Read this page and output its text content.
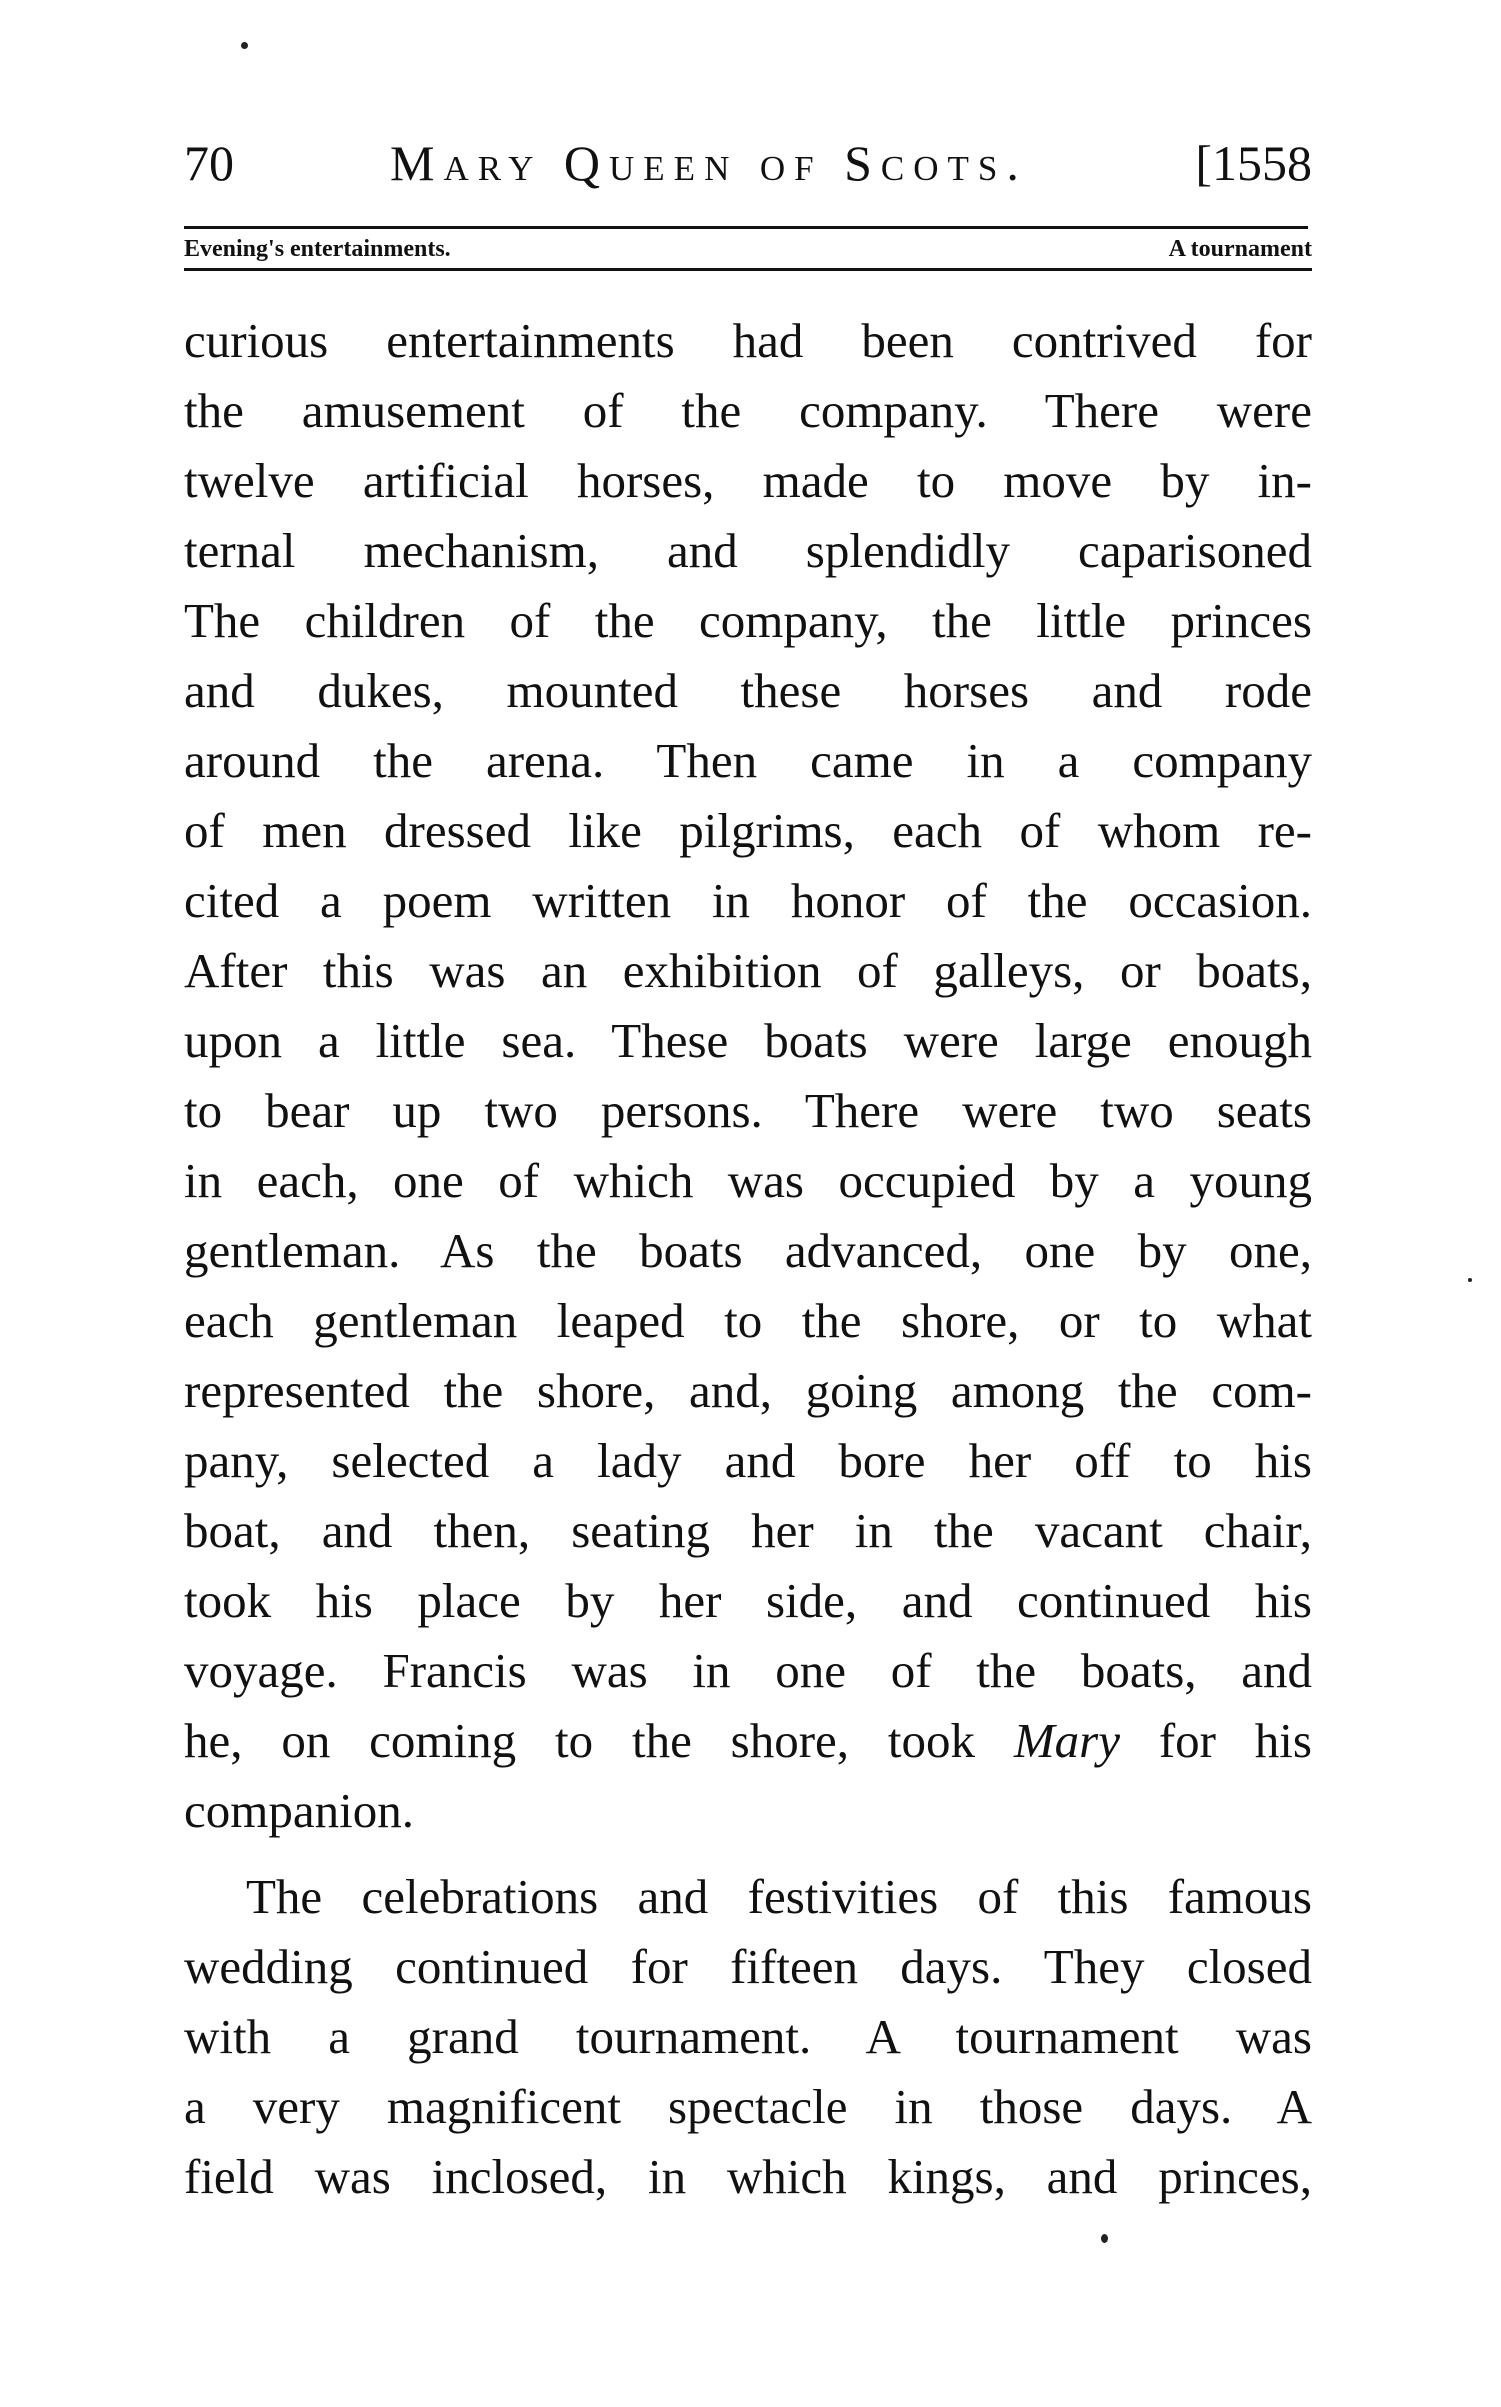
70	Mary Queen of Scots.	[1558
Evening's entertainments.	A tournament
curious entertainments had been contrived for
the amusement of the company. There were
twelve artificial horses, made to move by in-
ternal mechanism, and splendidly caparisoned
The children of the company, the little princes
and dukes, mounted these horses and rode
around the arena. Then came in a company
of men dressed like pilgrims, each of whom re-
cited a poem written in honor of the occasion.
After this was an exhibition of galleys, or boats,
upon a little sea. These boats were large enough
to bear up two persons. There were two seats
in each, one of which was occupied by a young
gentleman. As the boats advanced, one by one,
each gentleman leaped to the shore, or to what
represented the shore, and, going among the com-
pany, selected a lady and bore her off to his
boat, and then, seating her in the vacant chair,
took his place by her side, and continued his
voyage. Francis was in one of the boats, and
he, on coming to the shore, took Mary for his
companion.
The celebrations and festivities of this famous
wedding continued for fifteen days. They closed
with a grand tournament. A tournament was
a very magnificent spectacle in those days. A
field was inclosed, in which kings, and princes,
